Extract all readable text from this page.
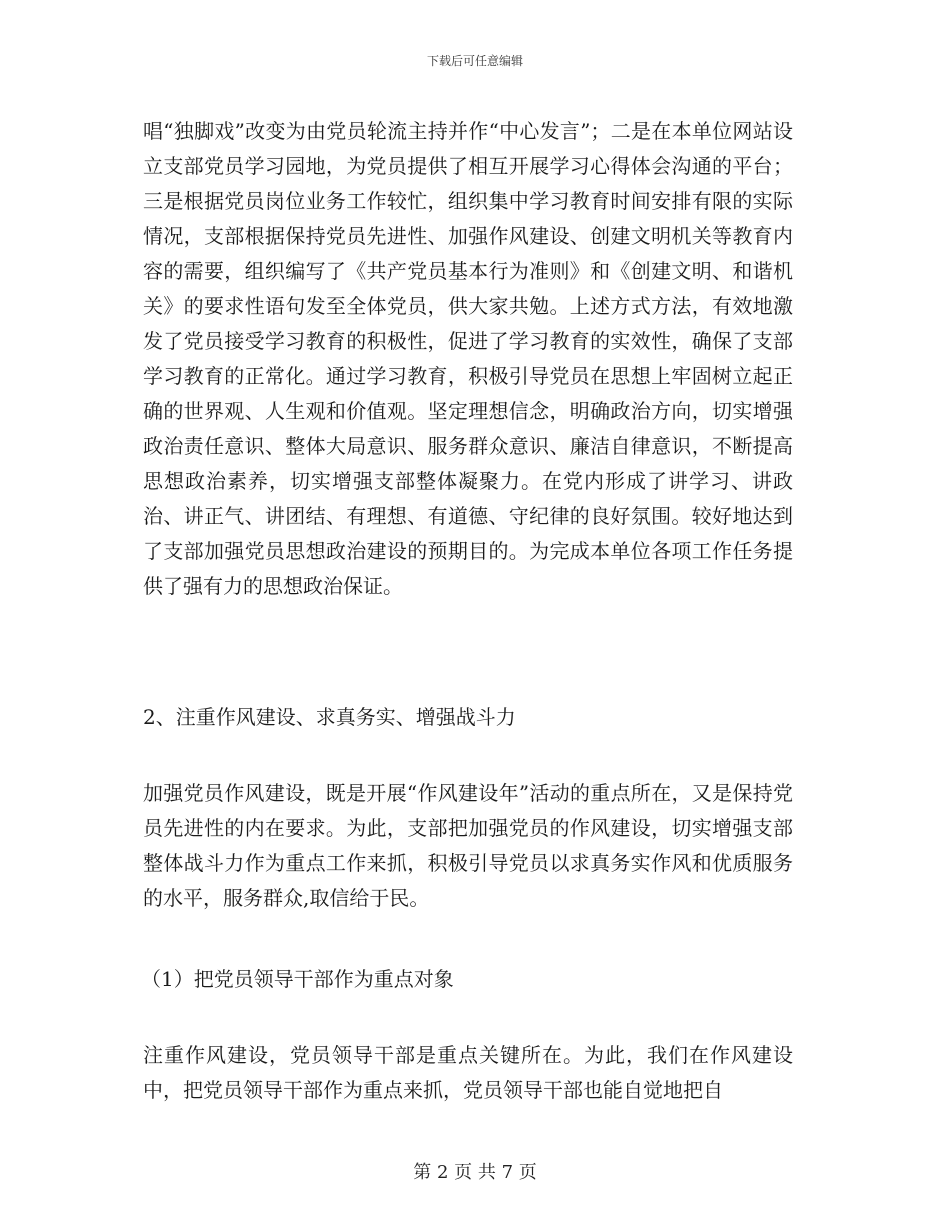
下载后可任意编辑
唱“独脚戏”改变为由党员轮流主持并作“中心发言”；二是在本单位网站设立支部党员学习园地，为党员提供了相互开展学习心得体会沟通的平台；三是根据党员岗位业务工作较忙，组织集中学习教育时间安排有限的实际情况，支部根据保持党员先进性、加强作风建设、创建文明机关等教育内容的需要，组织编写了《共产党员基本行为准则》和《创建文明、和谐机关》的要求性语句发至全体党员，供大家共勉。上述方式方法，有效地激发了党员接受学习教育的积极性，促进了学习教育的实效性，确保了支部学习教育的正常化。通过学习教育，积极引导党员在思想上牢固树立起正确的世界观、人生观和价值观。坚定理想信念，明确政治方向，切实增强政治责任意识、整体大局意识、服务群众意识、廉洁自律意识，不断提高思想政治素养，切实增强支部整体凝聚力。在党内形成了讲学习、讲政治、讲正气、讲团结、有理想、有道德、守纪律的良好氛围。较好地达到了支部加强党员思想政治建设的预期目的。为完成本单位各项工作任务提供了强有力的思想政治保证。
2、注重作风建设、求真务实、增强战斗力
加强党员作风建设，既是开展“作风建设年”活动的重点所在，又是保持党员先进性的内在要求。为此，支部把加强党员的作风建设，切实增强支部整体战斗力作为重点工作来抓，积极引导党员以求真务实作风和优质服务的水平，服务群众,取信给于民。
（1）把党员领导干部作为重点对象
注重作风建设，党员领导干部是重点关键所在。为此，我们在作风建设中，把党员领导干部作为重点来抓，党员领导干部也能自觉地把自
第 2 页 共 7 页
